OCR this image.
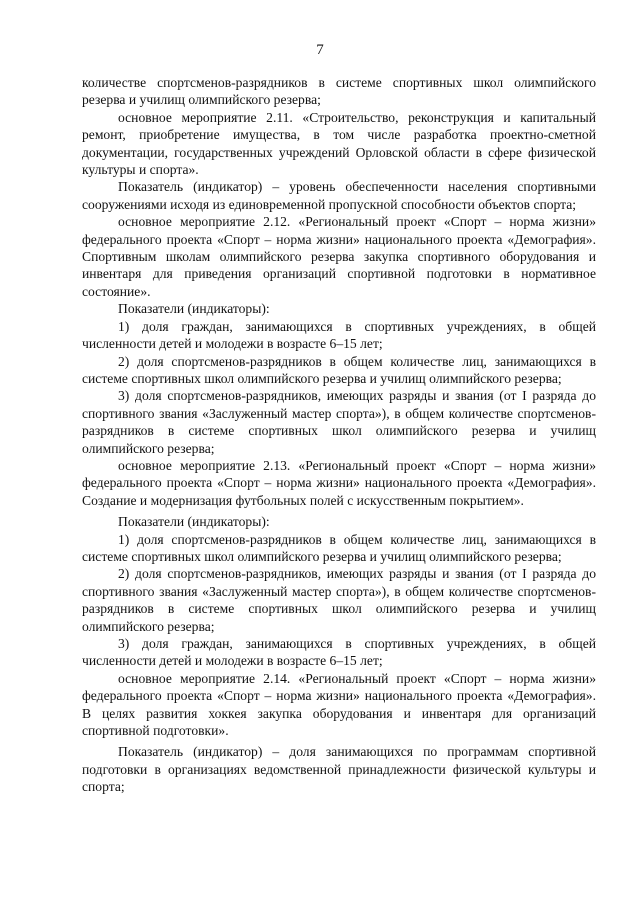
7

количестве спортсменов-разрядников в системе спортивных школ олимпийского резерва и училищ олимпийского резерва;

основное мероприятие 2.11. «Строительство, реконструкция и капитальный ремонт, приобретение имущества, в том числе разработка проектно-сметной документации, государственных учреждений Орловской области в сфере физической культуры и спорта».

Показатель (индикатор) – уровень обеспеченности населения спортивными сооружениями исходя из единовременной пропускной способности объектов спорта;

основное мероприятие 2.12. «Региональный проект «Спорт – норма жизни» федерального проекта «Спорт – норма жизни» национального проекта «Демография». Спортивным школам олимпийского резерва закупка спортивного оборудования и инвентаря для приведения организаций спортивной подготовки в нормативное состояние».

Показатели (индикаторы):

1) доля граждан, занимающихся в спортивных учреждениях, в общей численности детей и молодежи в возрасте 6–15 лет;

2) доля спортсменов-разрядников в общем количестве лиц, занимающихся в системе спортивных школ олимпийского резерва и училищ олимпийского резерва;

3) доля спортсменов-разрядников, имеющих разряды и звания (от I разряда до спортивного звания «Заслуженный мастер спорта»), в общем количестве спортсменов-разрядников в системе спортивных школ олимпийского резерва и училищ олимпийского резерва;

основное мероприятие 2.13. «Региональный проект «Спорт – норма жизни» федерального проекта «Спорт – норма жизни» национального проекта «Демография». Создание и модернизация футбольных полей с искусственным покрытием».

Показатели (индикаторы):

1) доля спортсменов-разрядников в общем количестве лиц, занимающихся в системе спортивных школ олимпийского резерва и училищ олимпийского резерва;

2) доля спортсменов-разрядников, имеющих разряды и звания (от I разряда до спортивного звания «Заслуженный мастер спорта»), в общем количестве спортсменов-разрядников в системе спортивных школ олимпийского резерва и училищ олимпийского резерва;

3) доля граждан, занимающихся в спортивных учреждениях, в общей численности детей и молодежи в возрасте 6–15 лет;

основное мероприятие 2.14. «Региональный проект «Спорт – норма жизни» федерального проекта «Спорт – норма жизни» национального проекта «Демография». В целях развития хоккея закупка оборудования и инвентаря для организаций спортивной подготовки».

Показатель (индикатор) – доля занимающихся по программам спортивной подготовки в организациях ведомственной принадлежности физической культуры и спорта;
